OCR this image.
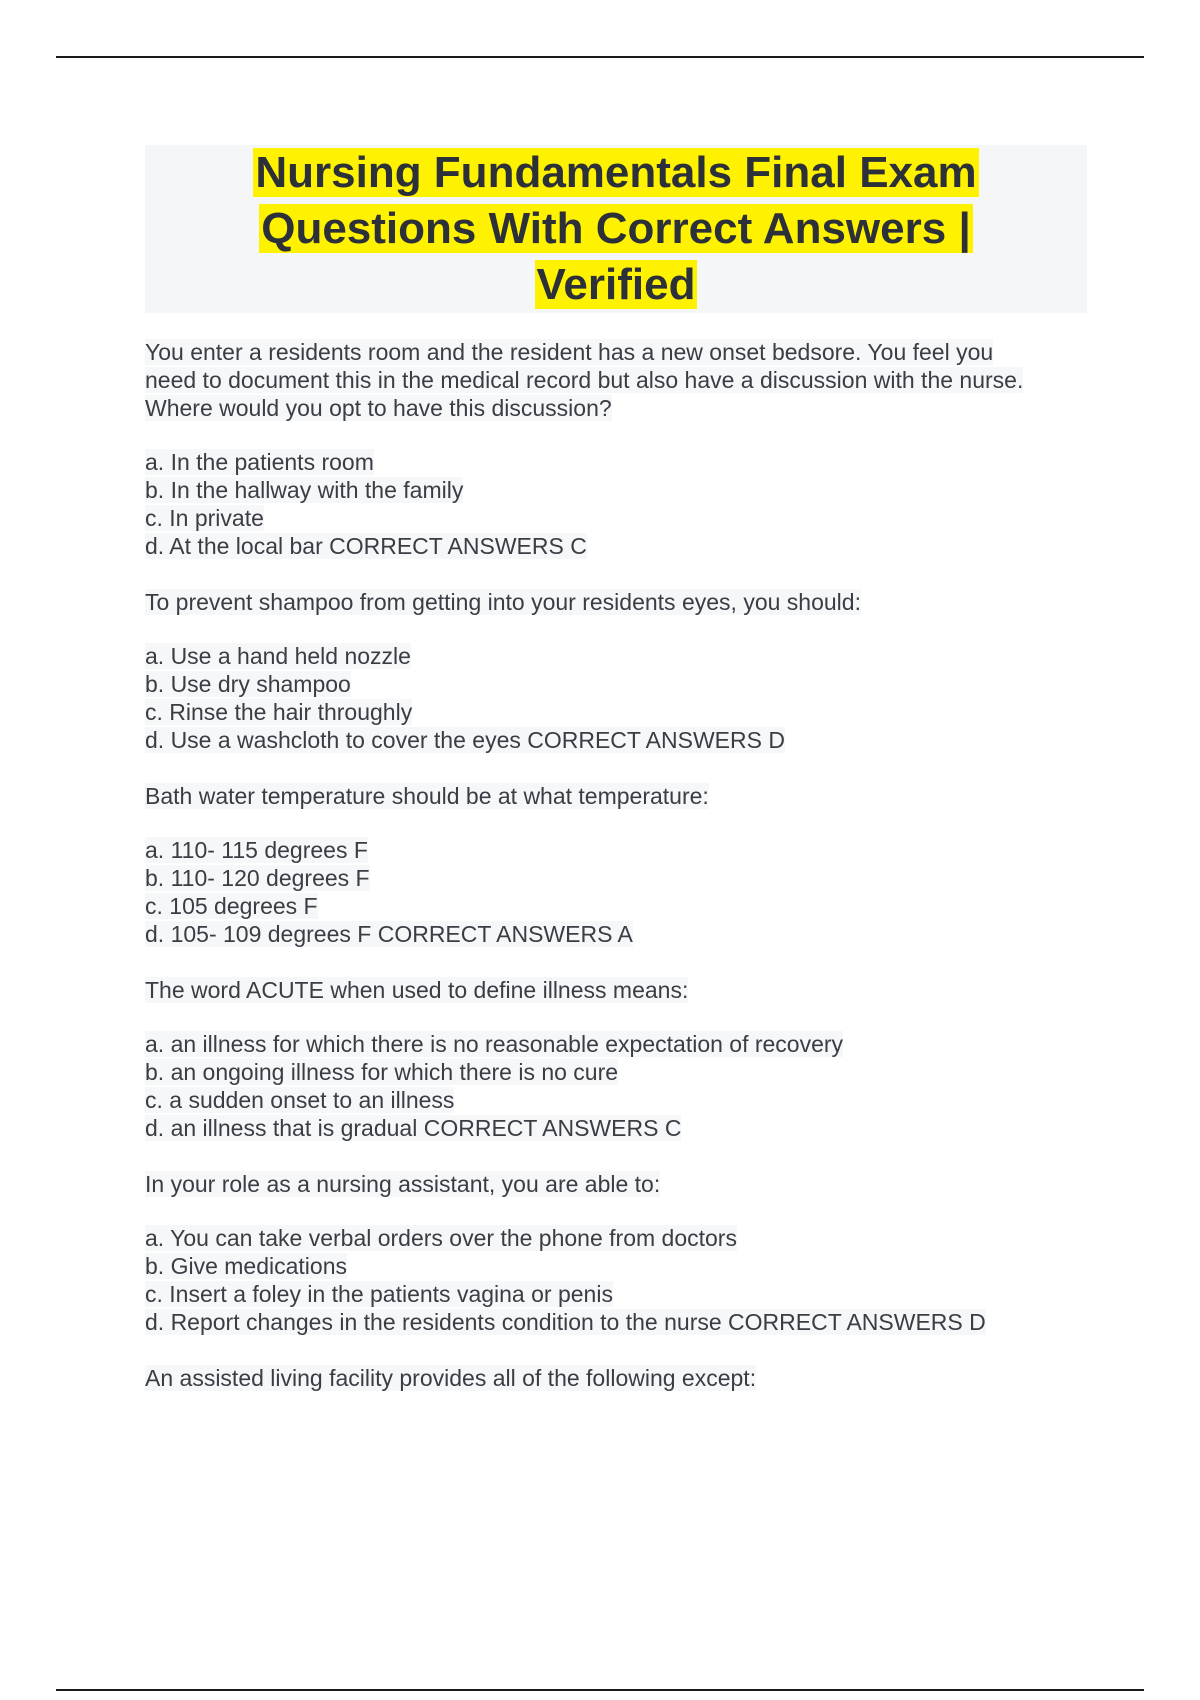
Nursing Fundamentals Final Exam
Questions With Correct Answers |
Verified
You enter a residents room and the resident has a new onset bedsore. You feel you
need to document this in the medical record but also have a discussion with the nurse.
Where would you opt to have this discussion?
a. In the patients room
b. In the hallway with the family
c. In private
d. At the local bar CORRECT ANSWERS C
To prevent shampoo from getting into your residents eyes, you should:
a. Use a hand held nozzle
b. Use dry shampoo
c. Rinse the hair throughly
d. Use a washcloth to cover the eyes CORRECT ANSWERS D
Bath water temperature should be at what temperature:
a. 110- 115 degrees F
b. 110- 120 degrees F
c. 105 degrees F
d. 105- 109 degrees F CORRECT ANSWERS A
The word ACUTE when used to define illness means:
a. an illness for which there is no reasonable expectation of recovery
b. an ongoing illness for which there is no cure
c. a sudden onset to an illness
d. an illness that is gradual CORRECT ANSWERS C
In your role as a nursing assistant, you are able to:
a. You can take verbal orders over the phone from doctors
b. Give medications
c. Insert a foley in the patients vagina or penis
d. Report changes in the residents condition to the nurse CORRECT ANSWERS D
An assisted living facility provides all of the following except:
